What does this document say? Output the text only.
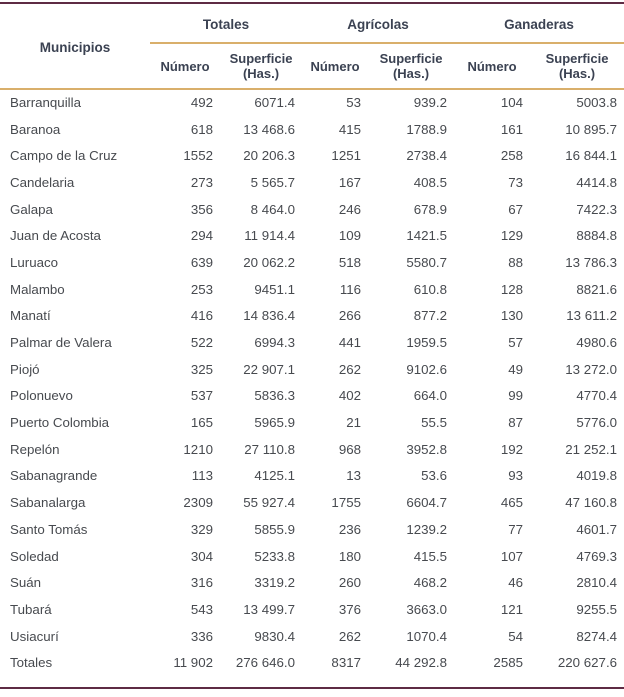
Municipios	Totales		Agrícolas		Ganaderas	
	Número	Superficie (Has.)	Número	Superficie (Has.)	Número	Superficie (Has.)
Barranquilla	492	6071.4	53	939.2	104	5003.8
Baranoa	618	13 468.6	415	1788.9	161	10 895.7
Campo de la Cruz	1552	20 206.3	1251	2738.4	258	16 844.1
Candelaria	273	5 565.7	167	408.5	73	4414.8
Galapa	356	8 464.0	246	678.9	67	7422.3
Juan de Acosta	294	11 914.4	109	1421.5	129	8884.8
Luruaco	639	20 062.2	518	5580.7	88	13 786.3
Malambo	253	9451.1	116	610.8	128	8821.6
Manatí	416	14 836.4	266	877.2	130	13 611.2
Palmar de Valera	522	6994.3	441	1959.5	57	4980.6
Piojó	325	22 907.1	262	9102.6	49	13 272.0
Polonuevo	537	5836.3	402	664.0	99	4770.4
Puerto Colombia	165	5965.9	21	55.5	87	5776.0
Repelón	1210	27 110.8	968	3952.8	192	21 252.1
Sabanagrande	113	4125.1	13	53.6	93	4019.8
Sabanalarga	2309	55 927.4	1755	6604.7	465	47 160.8
Santo Tomás	329	5855.9	236	1239.2	77	4601.7
Soledad	304	5233.8	180	415.5	107	4769.3
Suán	316	3319.2	260	468.2	46	2810.4
Tubará	543	13 499.7	376	3663.0	121	9255.5
Usiacurí	336	9830.4	262	1070.4	54	8274.4
Totales	11 902	276 646.0	8317	44 292.8	2585	220 627.6
